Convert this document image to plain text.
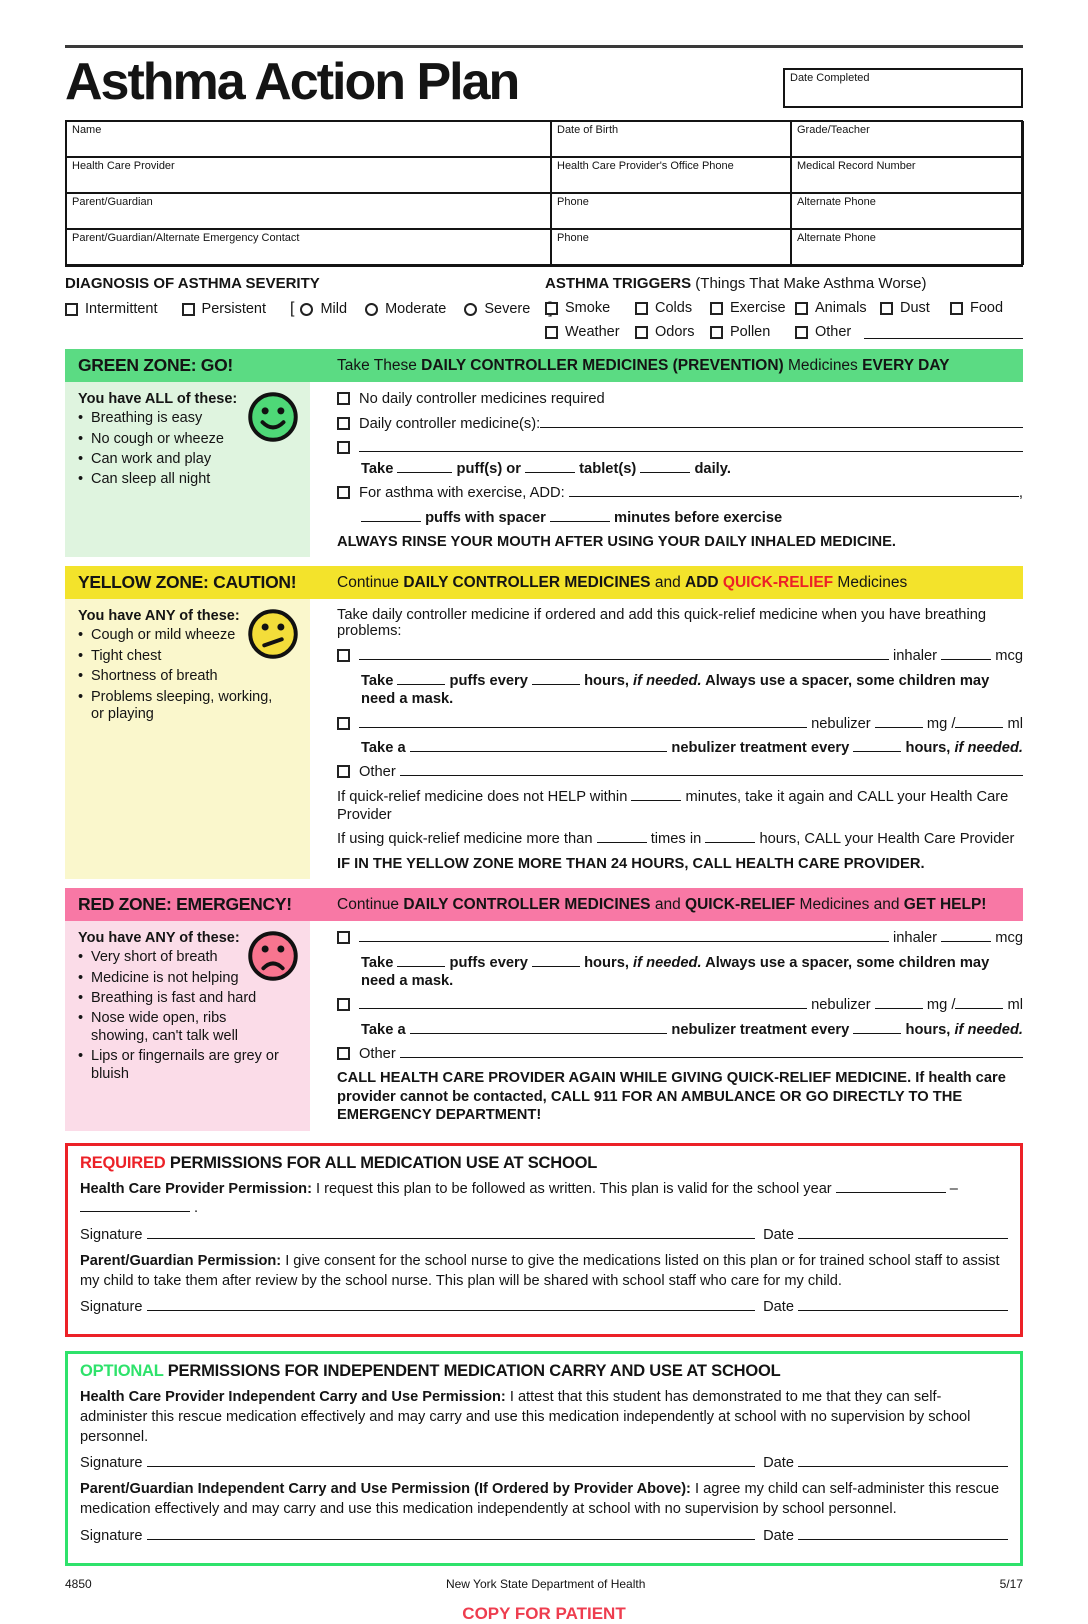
Asthma Action Plan	Date Completed
Name	Date of Birth	Grade/Teacher
Health Care Provider	Health Care Provider's Office Phone	Medical Record Number
Parent/Guardian	Phone	Alternate Phone
Parent/Guardian/Alternate Emergency Contact	Phone	Alternate Phone
DIAGNOSIS OF ASTHMA SEVERITY
Intermittent	Persistent [ Mild	Moderate	Severe
ASTHMA TRIGGERS (Things That Make Asthma Worse)
Smoke	Colds	Exercise Animals Dust	Food
Weather Odors Pollen	Other
GREEN ZONE: GO!	Take These DAILY CONTROLLER MEDICINES (PREVENTION) Medicines EVERY DAY
You have ALL of these:
• Breathing is easy
• No cough or wheeze
• Can work and play
• Can sleep all night
No daily controller medicines required
Daily controller medicine(s):
Take	puff(s) or	tablet(s)	daily.
For asthma with exercise, ADD:	,
puffs with spacer	minutes before exercise
ALWAYS RINSE YOUR MOUTH AFTER USING YOUR DAILY INHALED MEDICINE.
YELLOW ZONE: CAUTION!	Continue DAILY CONTROLLER MEDICINES and ADD QUICK-RELIEF Medicines
You have ANY of these:
• Cough or mild wheeze
• Tight chest
• Shortness of breath
• Problems sleeping, working, or playing
Take daily controller medicine if ordered and add this quick-relief medicine when you have breathing problems:
inhaler	mcg
Take	puffs every	hours, if needed. Always use a spacer, some children may need a mask.
nebulizer	mg /	ml
Take a	nebulizer treatment every	hours, if needed.
Other
If quick-relief medicine does not HELP within	minutes, take it again and CALL your Health Care Provider
If using quick-relief medicine more than	times in	hours, CALL your Health Care Provider
IF IN THE YELLOW ZONE MORE THAN 24 HOURS, CALL HEALTH CARE PROVIDER.
RED ZONE: EMERGENCY!	Continue DAILY CONTROLLER MEDICINES and QUICK-RELIEF Medicines and GET HELP!
You have ANY of these:
• Very short of breath
• Medicine is not helping
• Breathing is fast and hard
• Nose wide open, ribs showing, can't talk well
• Lips or fingernails are grey or bluish
inhaler	mcg
Take	puffs every	hours, if needed. Always use a spacer, some children may need a mask.
nebulizer	mg /	ml
Take a	nebulizer treatment every	hours, if needed.
Other
CALL HEALTH CARE PROVIDER AGAIN WHILE GIVING QUICK-RELIEF MEDICINE. If health care provider cannot be contacted, CALL 911 FOR AN AMBULANCE OR GO DIRECTLY TO THE EMERGENCY DEPARTMENT!
REQUIRED PERMISSIONS FOR ALL MEDICATION USE AT SCHOOL

Health Care Provider Permission: I request this plan to be followed as written. This plan is valid for the school year	–  .

Signature	Date

Parent/Guardian Permission: I give consent for the school nurse to give the medications listed on this plan or for trained school staff to assist my child to take them after review by the school nurse. This plan will be shared with school staff who care for my child.

Signature	Date
OPTIONAL PERMISSIONS FOR INDEPENDENT MEDICATION CARRY AND USE AT SCHOOL

Health Care Provider Independent Carry and Use Permission: I attest that this student has demonstrated to me that they can self-administer this rescue medication effectively and may carry and use this medication independently at school with no supervision by school personnel.

Signature	Date

Parent/Guardian Independent Carry and Use Permission (If Ordered by Provider Above): I agree my child can self-administer this rescue medication effectively and may carry and use this medication independently at school with no supervision by school personnel.

Signature	Date
4850	New York State Department of Health	5/17
COPY FOR PATIENT
